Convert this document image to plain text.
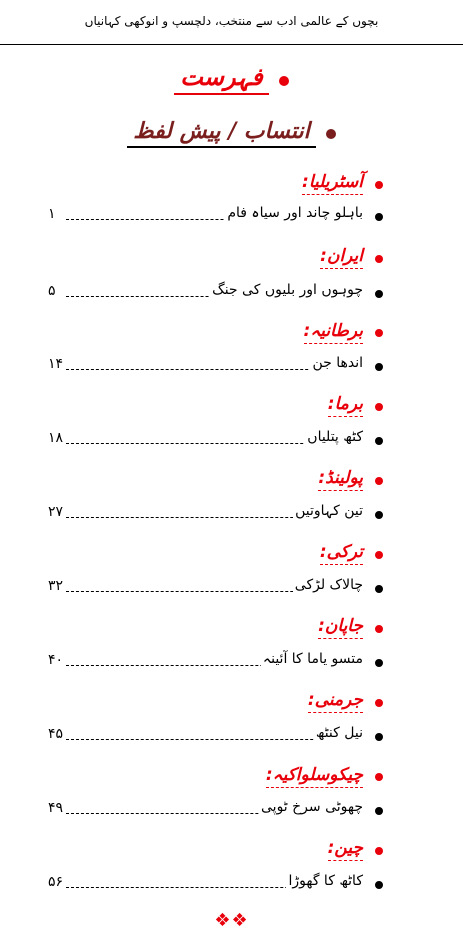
بچوں کے عالمی ادب سے منتخب، دلچسپ و انوکھی کہانیاں
فہرست
انتساب / پیش لفظ
آسٹریلیا:
باہلو چاند اور سیاہ فام
۱
ایران:
چوہوں اور بلیوں کی جنگ
۵
برطانیہ:
اندھا جن
۱۴
برما:
کٹھ پتلیاں
۱۸
پولینڈ:
تین کہاوتیں
۲۷
ترکی:
چالاک لڑکی
۳۲
جاپان:
متسو یاما کا آئینہ
۴۰
جرمنی:
نیل کنٹھ
۴۵
چیکوسلواکیہ:
چھوٹی سرخ ٹوپی
۴۹
چین:
کاٹھ کا گھوڑا
۵۶
❖❖
